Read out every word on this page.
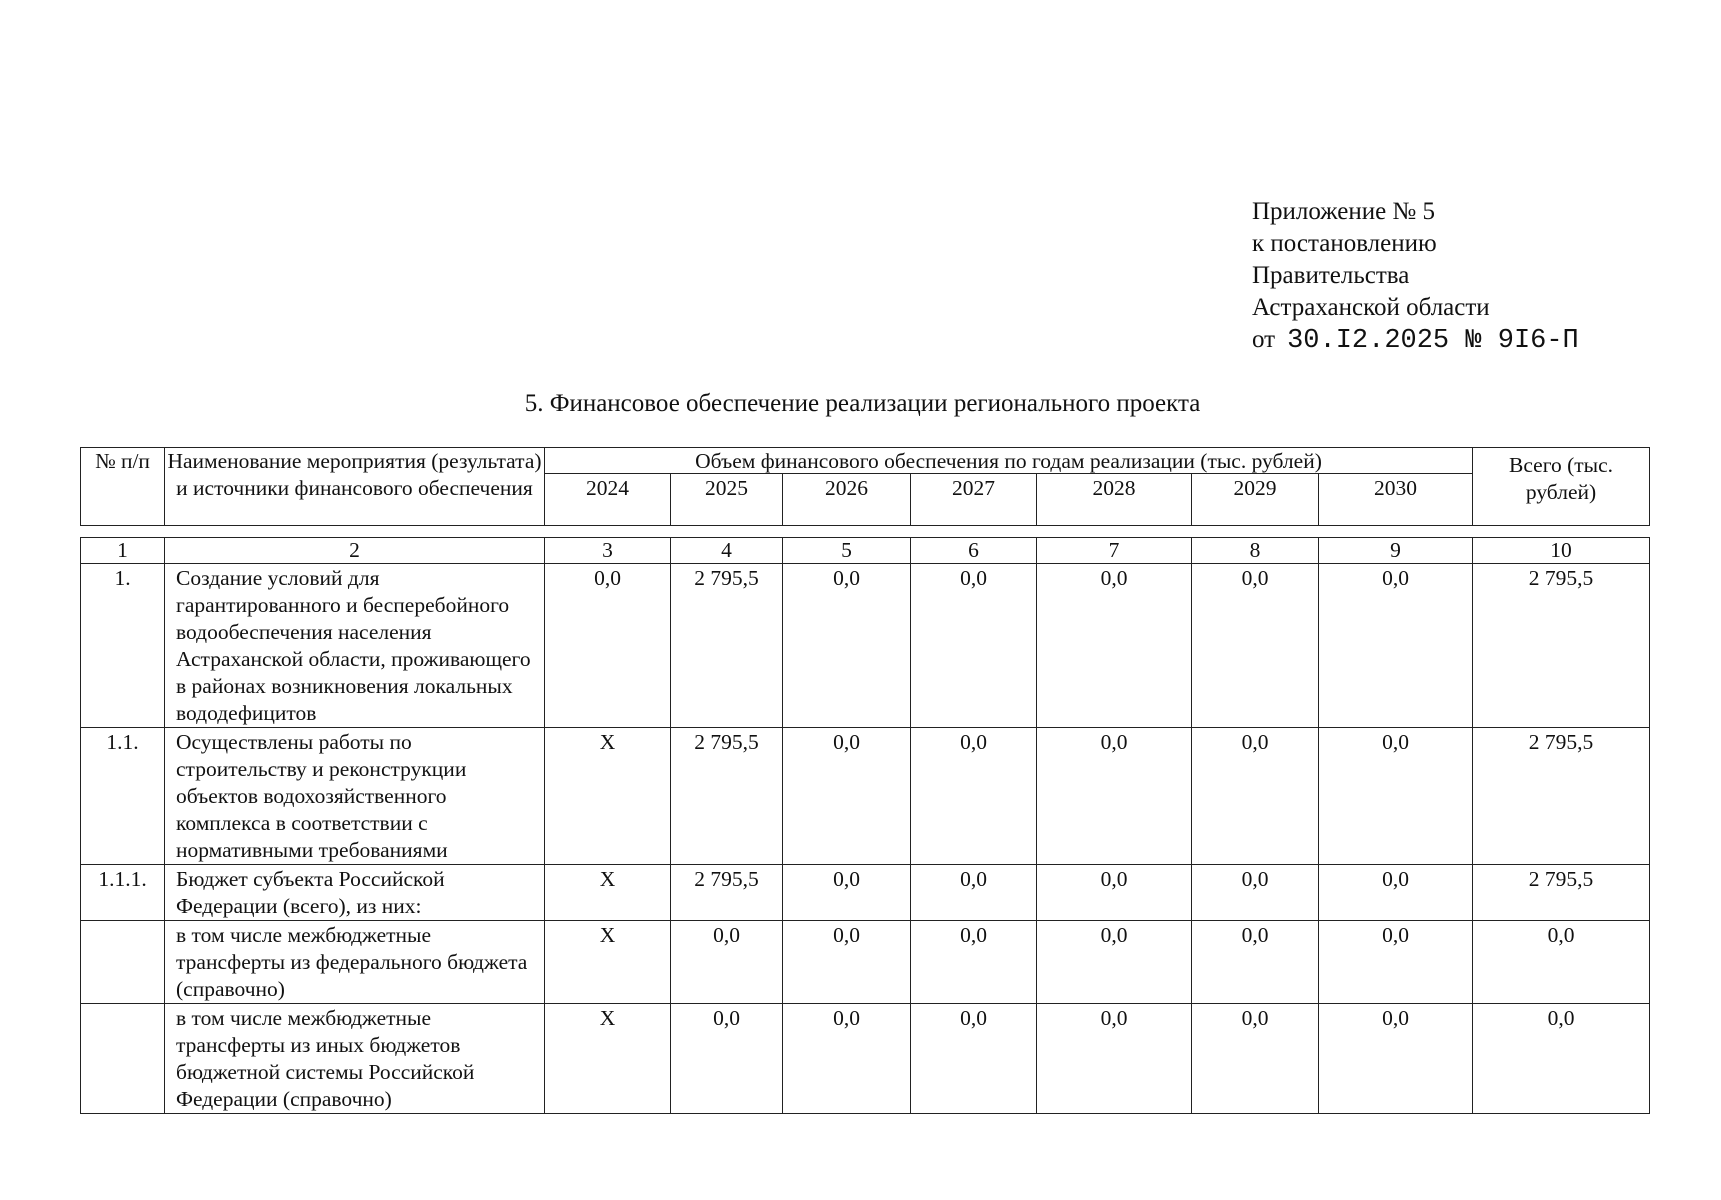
Приложение № 5
к постановлению
Правительства
Астраханской области
от 30.I2.2025 № 9I6-П
5. Финансовое обеспечение реализации регионального проекта
№ п/п	Наименование мероприятия (результата) и источники финансового обеспечения	Объем финансового обеспечения по годам реализации (тыс. рублей)							Всего (тыс. рублей)
		2024	2025	2026	2027	2028	2029	2030	
1	2	3	4	5	6	7	8	9	10
1.	Создание условий для гарантированного и бесперебойного водообеспечения населения Астраханской области, проживающего в районах возникновения локальных вододефицитов	0,0	2 795,5	0,0	0,0	0,0	0,0	0,0	2 795,5
1.1.	Осуществлены работы по строительству и реконструкции объектов водохозяйственного комплекса в соответствии с нормативными требованиями	X	2 795,5	0,0	0,0	0,0	0,0	0,0	2 795,5
1.1.1.	Бюджет субъекта Российской Федерации (всего), из них:	X	2 795,5	0,0	0,0	0,0	0,0	0,0	2 795,5
	в том числе межбюджетные трансферты из федерального бюджета (справочно)	X	0,0	0,0	0,0	0,0	0,0	0,0	0,0
	в том числе межбюджетные трансферты из иных бюджетов бюджетной системы Российской Федерации (справочно)	X	0,0	0,0	0,0	0,0	0,0	0,0	0,0
